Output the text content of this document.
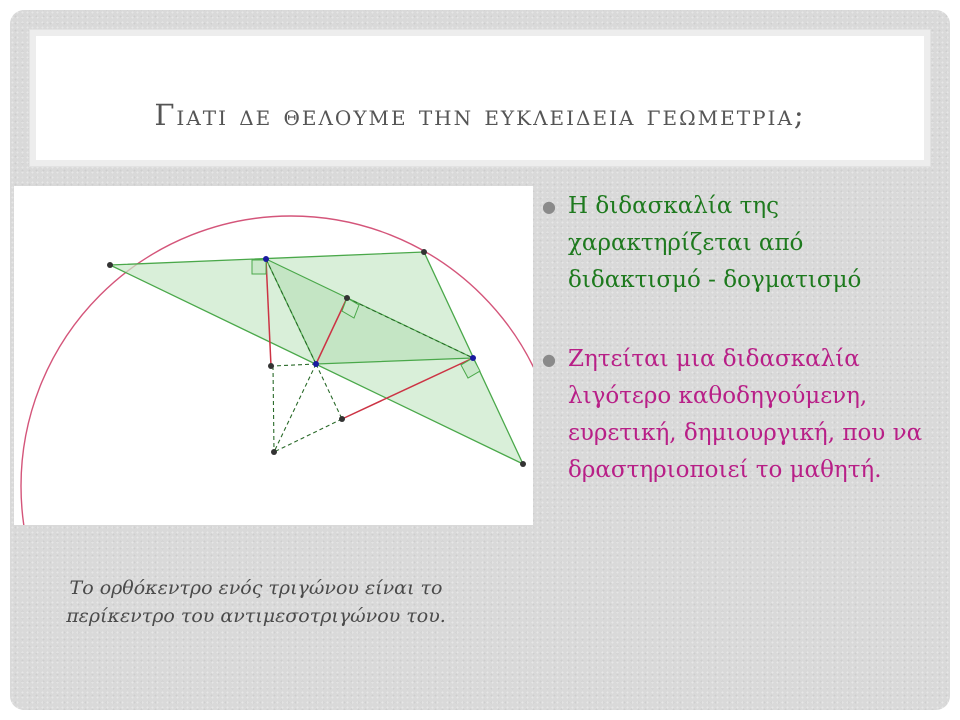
Γιατι δε θελουμε την ευκλειδεια γεωμετρια;
Το ορθόκεντρο ενός τριγώνου είναι το περίκεντρο του αντιμεσοτριγώνου του.
● Η διδασκαλία της χαρακτηρίζεται από διδακτισμό - δογματισμό
● Ζητείται μια διδασκαλία λιγότερο καθοδηγούμενη, ευρετική, δημιουργική, που να δραστηριοποιεί το μαθητή.
